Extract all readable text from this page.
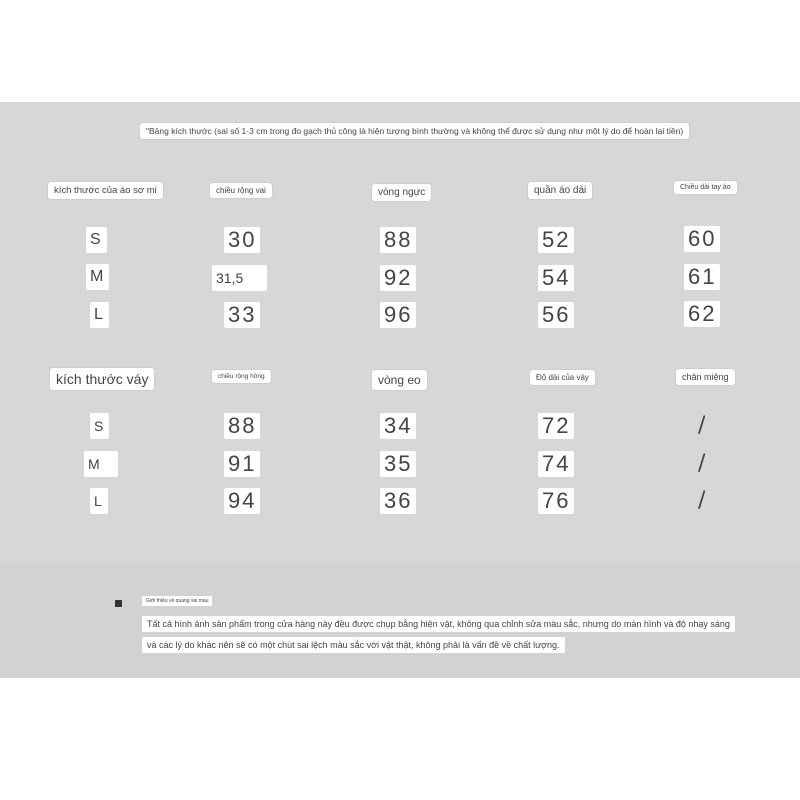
"Bảng kích thước (sai số 1-3 cm trong đo gạch thủ công là hiện tượng bình thường và không thể được sử dụng như một lý do để hoàn lại tiền)
kích thước của áo sơ mi	chiều rộng vai	vòng ngực	quần áo dài	Chiều dài tay áo
S	30	88	52	60
M	31,5	92	54	61
L	33	96	56	62
kích thước váy	chiều rộng hông	vòng eo	Độ dài của váy	chân miệng
S	88	34	72	/
M	91	35	74	/
L	94	36	76	/
Giới thiệu về quang sai màu
Tất cả hình ảnh sản phẩm trong cửa hàng này đều được chụp bằng hiện vật, không qua chỉnh sửa màu sắc, nhưng do màn hình và độ nhạy sáng
và các lý do khác nên sẽ có một chút sai lệch màu sắc với vật thật, không phải là vấn đề về chất lượng.
